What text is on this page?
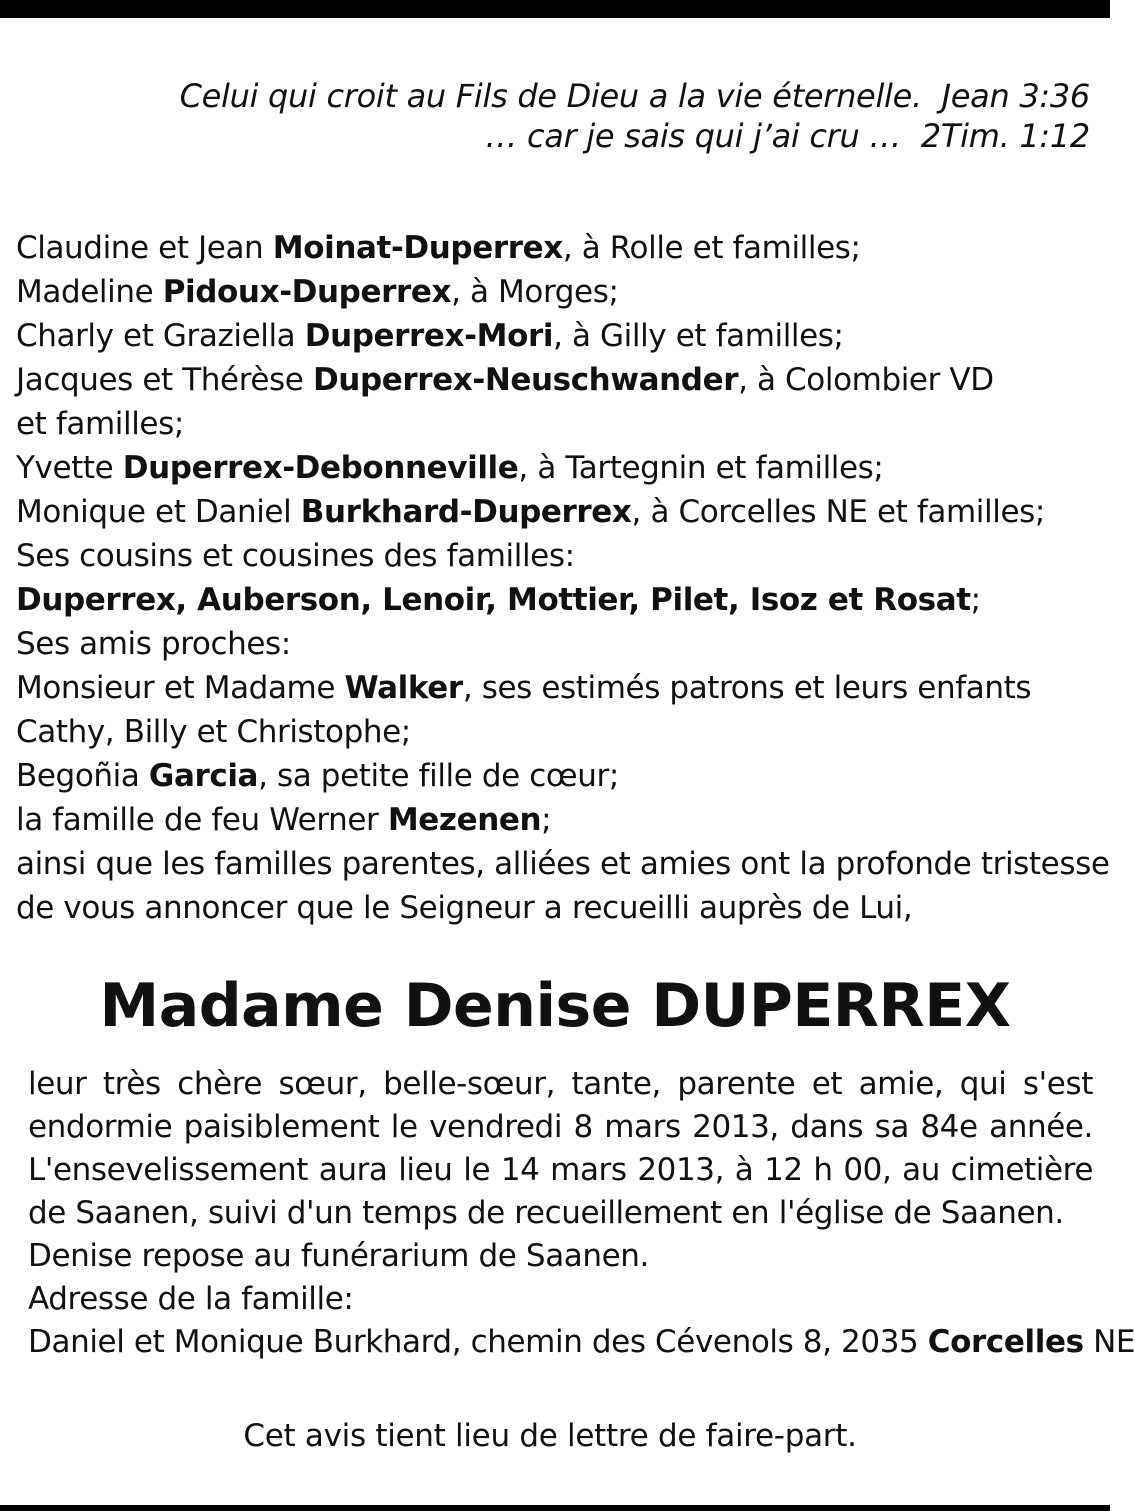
Celui qui croit au Fils de Dieu a la vie éternelle. Jean 3:36
… car je sais qui j’ai cru … 2Tim. 1:12
Claudine et Jean Moinat-Duperrex, à Rolle et familles;
Madeline Pidoux-Duperrex, à Morges;
Charly et Graziella Duperrex-Mori, à Gilly et familles;
Jacques et Thérèse Duperrex-Neuschwander, à Colombier VD et familles;
Yvette Duperrex-Debonneville, à Tartegnin et familles;
Monique et Daniel Burkhard-Duperrex, à Corcelles NE et familles;
Ses cousins et cousines des familles:
Duperrex, Auberson, Lenoir, Mottier, Pilet, Isoz et Rosat;
Ses amis proches:
Monsieur et Madame Walker, ses estimés patrons et leurs enfants
Cathy, Billy et Christophe;
Begoñia Garcia, sa petite fille de cœur;
la famille de feu Werner Mezenen;
ainsi que les familles parentes, alliées et amies ont la profonde tristesse
de vous annoncer que le Seigneur a recueilli auprès de Lui,
Madame Denise DUPERREX
leur très chère sœur, belle-sœur, tante, parente et amie, qui s'est endormie paisiblement le vendredi 8 mars 2013, dans sa 84e année. L'ensevelissement aura lieu le 14 mars 2013, à 12 h 00, au cimetière de Saanen, suivi d'un temps de recueillement en l'église de Saanen.
Denise repose au funérarium de Saanen.
Adresse de la famille:
Daniel et Monique Burkhard, chemin des Cévenols 8, 2035 Corcelles NE
Cet avis tient lieu de lettre de faire-part.
